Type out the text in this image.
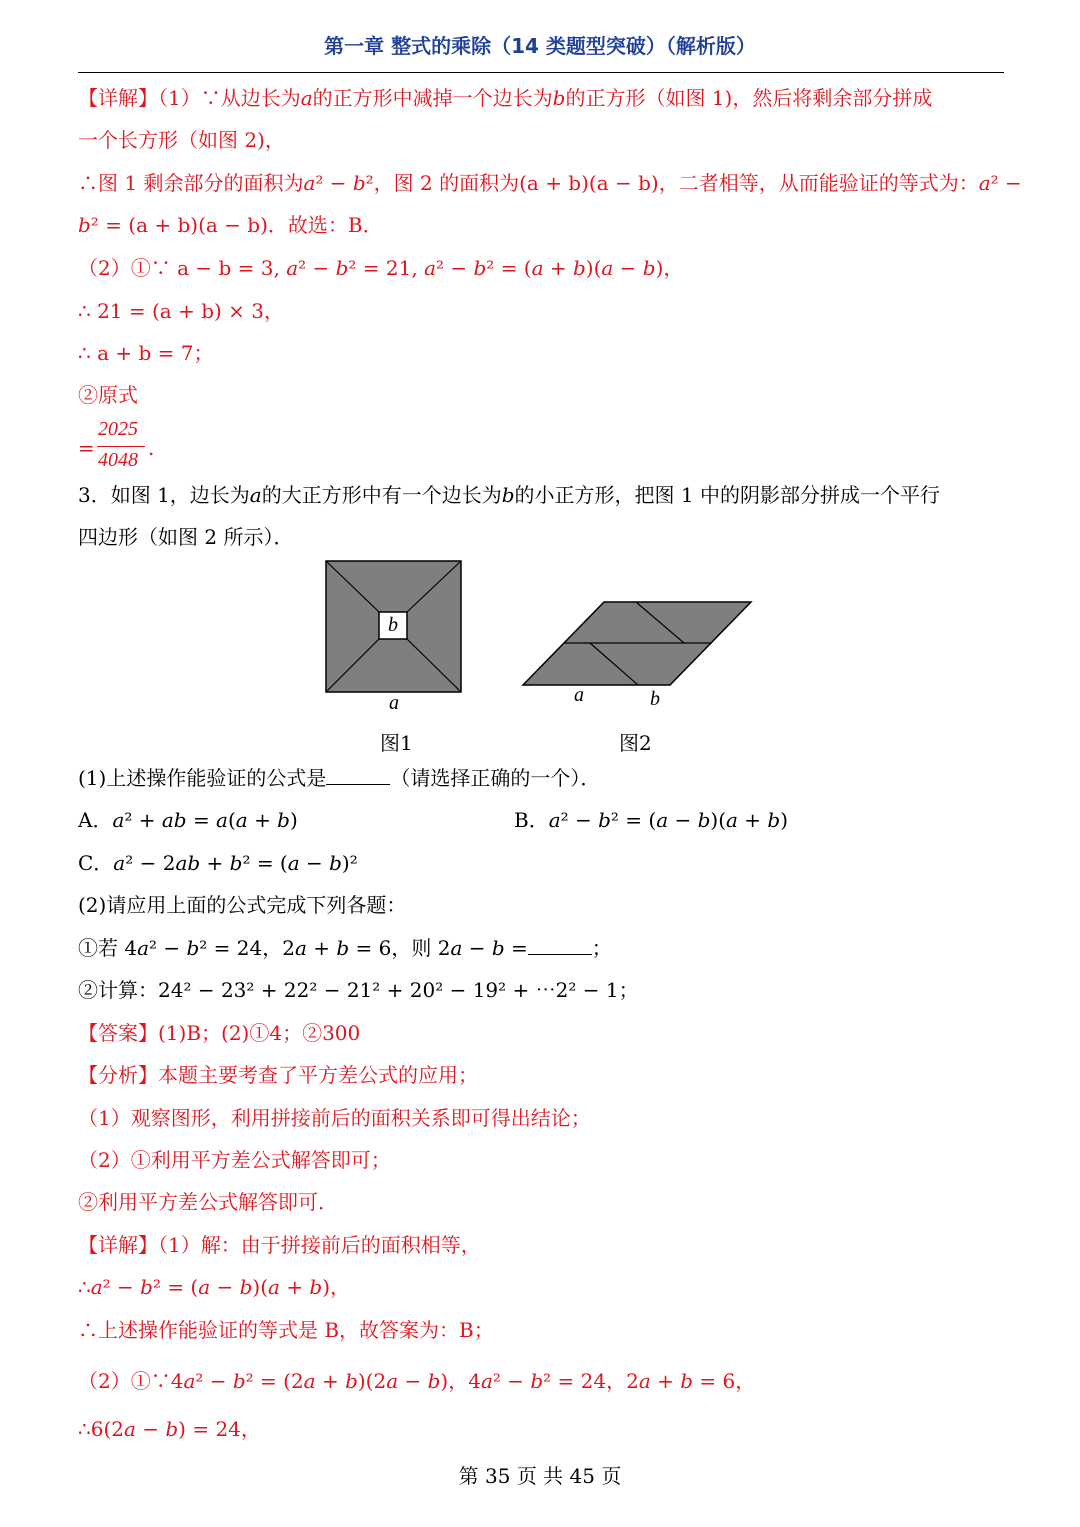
第一章 整式的乘除（14 类题型突破）（解析版）
【详解】（1）∵从边长为𝑎的正方形中减掉一个边长为𝑏的正方形（如图 1)，然后将剩余部分拼成
一个长方形（如图 2)，
∴图 1 剩余部分的面积为𝑎² − 𝑏²，图 2 的面积为(a + b)(a − b)，二者相等，从而能验证的等式为：𝑎² −
𝑏² = (a + b)(a − b)．故选：B．
（2）①∵ a − b = 3, 𝑎² − 𝑏² = 21, 𝑎² − 𝑏² = (𝑎 + 𝑏)(𝑎 − 𝑏)，
∴ 21 = (a + b) × 3，
∴ a + b = 7；
②原式
=
2025
4048 .
3．如图 1，边长为𝑎的大正方形中有一个边长为𝑏的小正方形，把图 1 中的阴影部分拼成一个平行
四边形（如图 2 所示）．
b
a
图1
a	b
图2
(1)上述操作能验证的公式是	（请选择正确的一个）．
A．𝑎² + 𝑎𝑏 = 𝑎(𝑎 + 𝑏)	B．𝑎² − 𝑏² = (𝑎 − 𝑏)(𝑎 + 𝑏)
C．𝑎² − 2𝑎𝑏 + 𝑏² = (𝑎 − 𝑏)²
(2)请应用上面的公式完成下列各题：
①若 4𝑎² − 𝑏² = 24，2𝑎 + 𝑏 = 6，则 2𝑎 − 𝑏 =	；
②计算：24² − 23² + 22² − 21² + 20² − 19² + ⋯2² − 1；
【答案】(1)B；(2)①4；②300
【分析】本题主要考查了平方差公式的应用；
（1）观察图形，利用拼接前后的面积关系即可得出结论；
（2）①利用平方差公式解答即可；
②利用平方差公式解答即可．
【详解】（1）解：由于拼接前后的面积相等，
∴𝑎² − 𝑏² = (𝑎 − 𝑏)(𝑎 + 𝑏)，
∴上述操作能验证的等式是 B，故答案为：B；
（2）①∵4𝑎² − 𝑏² = (2𝑎 + 𝑏)(2𝑎 − 𝑏)，4𝑎² − 𝑏² = 24，2𝑎 + 𝑏 = 6，
∴6(2𝑎 − 𝑏) = 24，
第 35 页 共 45 页
